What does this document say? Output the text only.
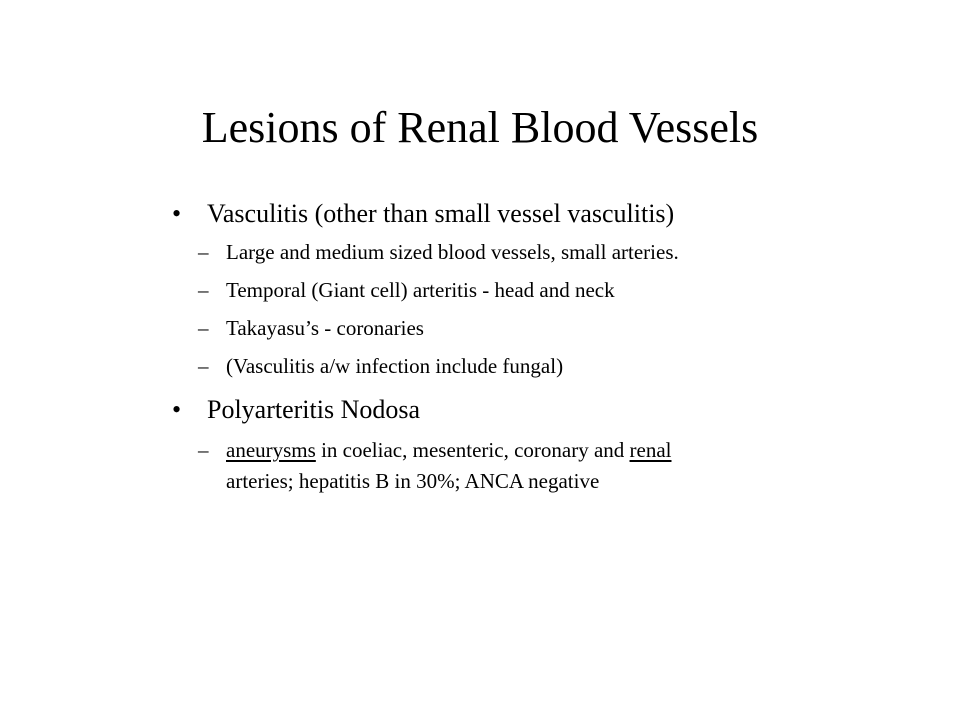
Lesions of Renal Blood Vessels
• Vasculitis (other than small vessel vasculitis)
– Large and medium sized blood vessels, small arteries.
– Temporal (Giant cell) arteritis - head and neck
– Takayasu’s - coronaries
– (Vasculitis a/w infection include fungal)
• Polyarteritis Nodosa
– aneurysms in coeliac, mesenteric, coronary and renal
arteries; hepatitis B in 30%; ANCA negative
